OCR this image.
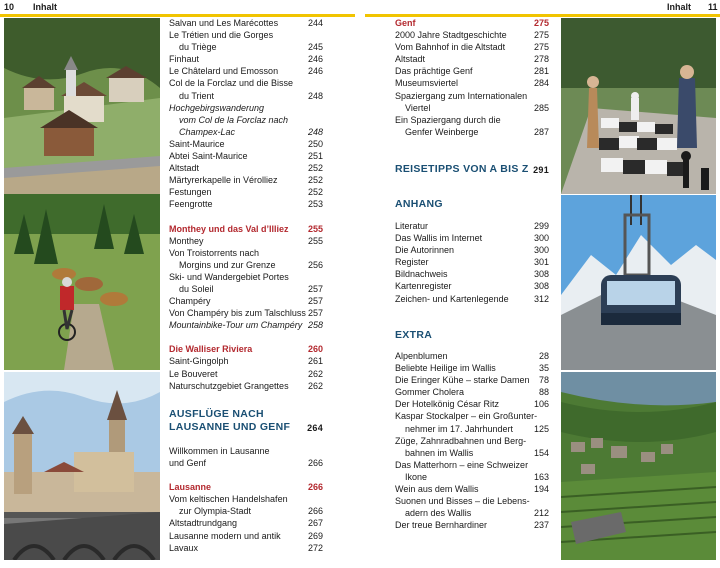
10 Inhalt	Inhalt 11
Salvan und Les Marécottes	244
Le Trétien und die Gorges
du Triège	245
Finhaut	246
Le Châtelard und Emosson	246
Col de la Forclaz und die Bisse
du Trient	248
Hochgebirgswanderung
vom Col de la Forclaz nach
Champex-Lac	248
Saint-Maurice	250
Abtei Saint-Maurice	251
Altstadt	252
Märtyrerkapelle in Vérolliez	252
Festungen	252
Feengrotte	253
Monthey und das Val d’Illiez 255
Monthey	255
Von Troistorrents nach
Morgins und zur Grenze	256
Ski- und Wandergebiet Portes
du Soleil	257
Champéry	257
Von Champéry bis zum Talschluss 257
Mountainbike-Tour um Champéry 258
Die Walliser Riviera	260
Saint-Gingolph	261
Le Bouveret	262
Naturschutzgebiet Grangettes 262
AUSFLÜGE NACH
LAUSANNE UND GENF 264
Willkommen in Lausanne
und Genf	266
Lausanne	266
Vom keltischen Handelshafen
zur Olympia-Stadt	266
Altstadtrundgang	267
Lausanne modern und antik	269
Lavaux	272
Genf	275
2000 Jahre Stadtgeschichte	275
Vom Bahnhof in die Altstadt	275
Altstadt	278
Das prächtige Genf	281
Museumsviertel	284
Spaziergang zum Internationalen
Viertel	285
Ein Spaziergang durch die
Genfer Weinberge	287
REISETIPPS VON A BIS Z 291
ANHANG
Literatur	299
Das Wallis im Internet	300
Die Autorinnen	300
Register	301
Bildnachweis	308
Kartenregister	308
Zeichen- und Kartenlegende	312
EXTRA
Alpenblumen	28
Beliebte Heilige im Wallis	35
Die Eringer Kühe – starke Damen 78
Gommer Cholera	88
Der Hotelkönig César Ritz	106
Kaspar Stockalper – ein Großunter-
nehmer im 17. Jahrhundert 125
Züge, Zahnradbahnen und Berg-
bahnen im Wallis	154
Das Matterhorn – eine Schweizer
Ikone	163
Wein aus dem Wallis	194
Suonen und Bisses – die Lebens-
adern des Wallis	212
Der treue Bernhardiner	237
